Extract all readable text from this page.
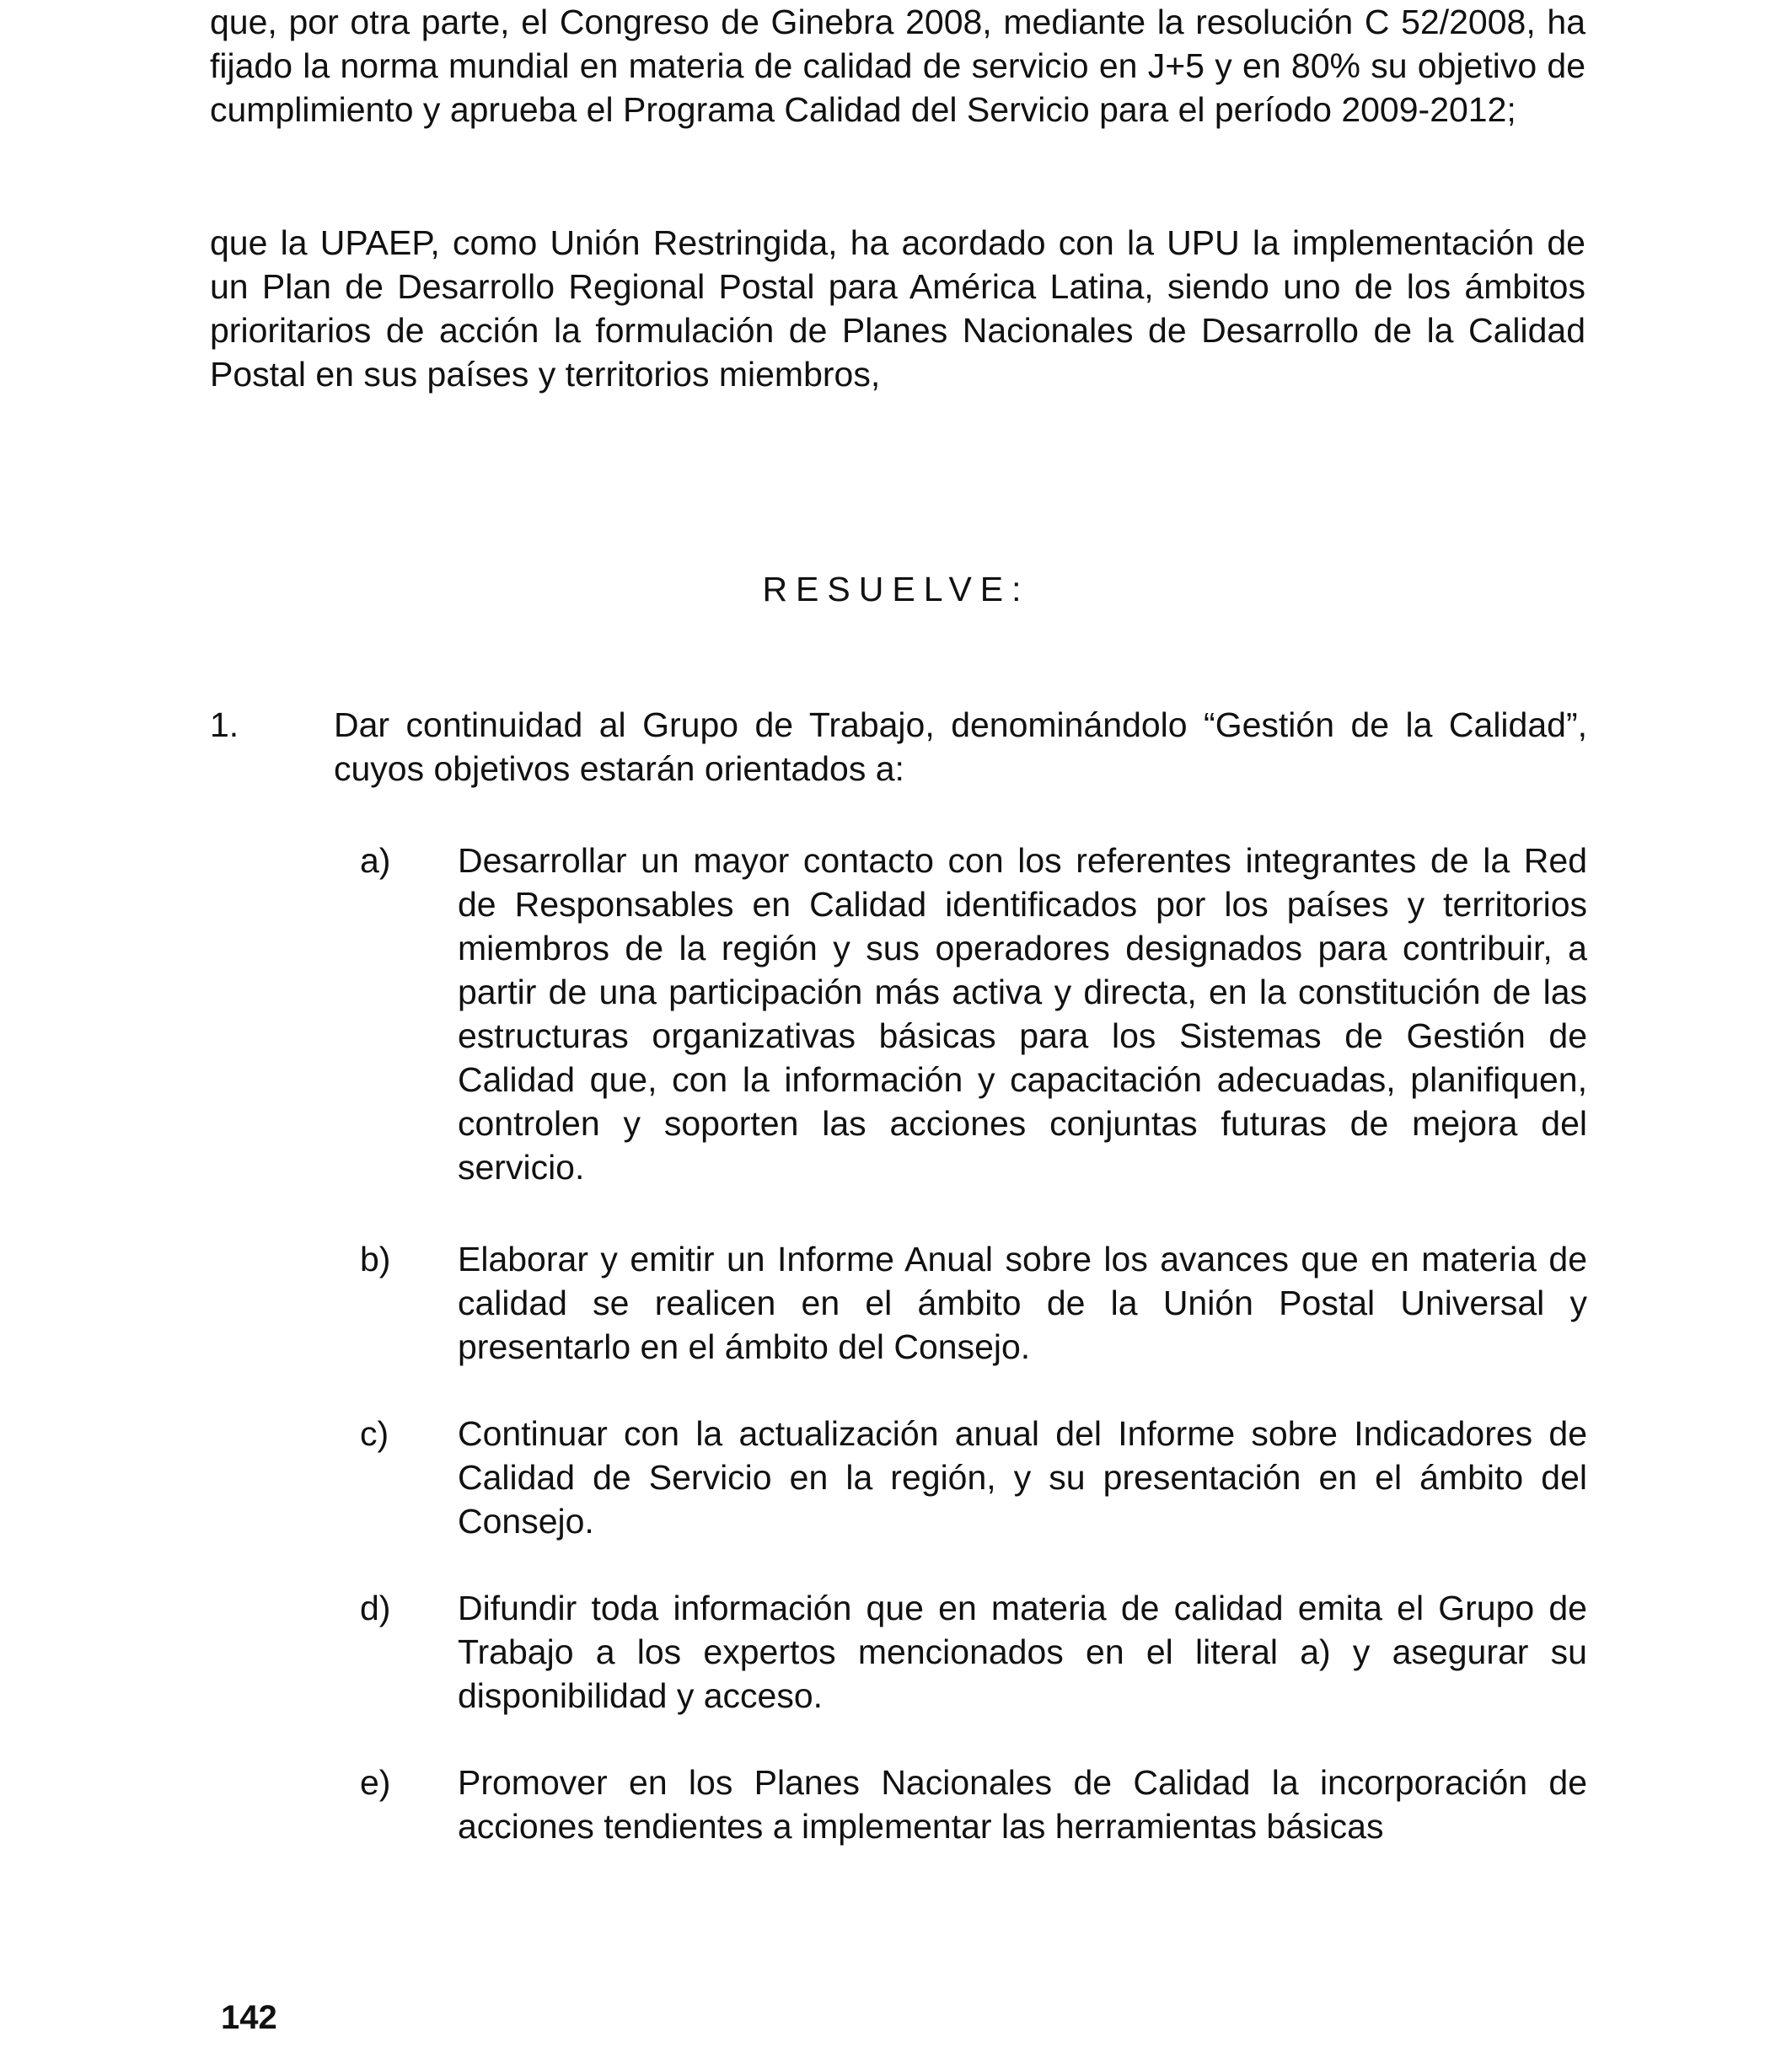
que, por otra parte, el Congreso de Ginebra 2008, mediante la resolución C 52/2008, ha fijado la norma mundial en materia de calidad de servicio en J+5 y en 80% su objetivo de cumplimiento y aprueba el Programa Calidad del Servicio para el período 2009-2012;

que la UPAEP, como Unión Restringida, ha acordado con la UPU la implementación de un Plan de Desarrollo Regional Postal para América Latina, siendo uno de los ámbitos prioritarios de acción la formulación de Planes Nacionales de Desarrollo de la Calidad Postal en sus países y territorios miembros,

RESUELVE:
1.	Dar continuidad al Grupo de Trabajo, denominándolo “Gestión de la Calidad”, cuyos objetivos estarán orientados a:

a) Desarrollar un mayor contacto con los referentes integrantes de la Red de Responsables en Calidad identificados por los países y territorios miembros de la región y sus operadores designados para contribuir, a partir de una participación más activa y directa, en la constitución de las estructuras organizativas básicas para los Sistemas de Gestión de Calidad que, con la información y capacitación adecuadas, planifiquen, controlen y soporten las acciones conjuntas futuras de mejora del servicio.

b) Elaborar y emitir un Informe Anual sobre los avances que en materia de calidad se realicen en el ámbito de la Unión Postal Universal y presentarlo en el ámbito del Consejo.

c) Continuar con la actualización anual del Informe sobre Indicadores de Calidad de Servicio en la región, y su presentación en el ámbito del Consejo.

d) Difundir toda información que en materia de calidad emita el Grupo de Trabajo a los expertos mencionados en el literal a) y asegurar su disponibilidad y acceso.

e) Promover en los Planes Nacionales de Calidad la incorporación de acciones tendientes a implementar las herramientas básicas

142
